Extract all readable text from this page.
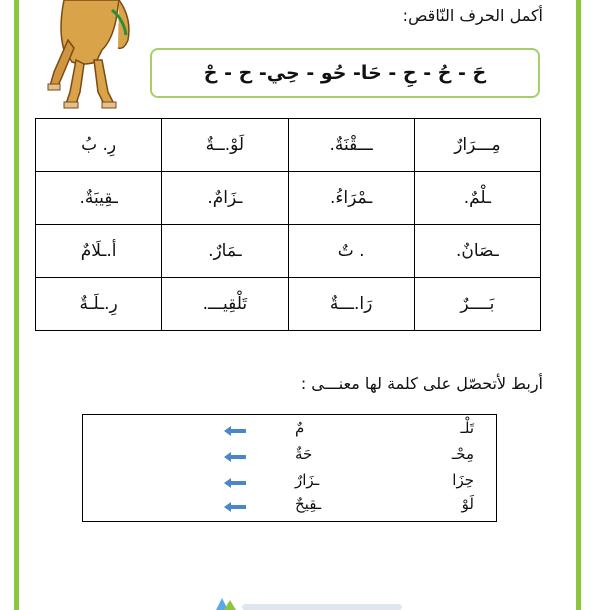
أكمل الحرف النّاقص:
حَ - حُ - حِ - حَا- حُو - حِي- ح - حْ
مِـــرَارٌ	ـــقْنَةٌ.	لَوْ.ــةٌ	رِ. بُ
ـلْمٌ.	ـمْرَاءُ.	ـزَامٌ.	ـقِيبَةٌ.
ـصَانٌ.	. تٌ	ـمَارٌ.	أ.ـلَامٌ
بَــــرٌ	رَا.ـــةٌ	تَلْقِيـــ.	رِ.ـلَـةٌ
أربط لأتحصّل على كلمة لها معنـــى :
تَلْـ
مٌ
مِحْـ
حَةٌ
حِزَا
ـزَارٌ
لَوْ
ـقِيحٌ
